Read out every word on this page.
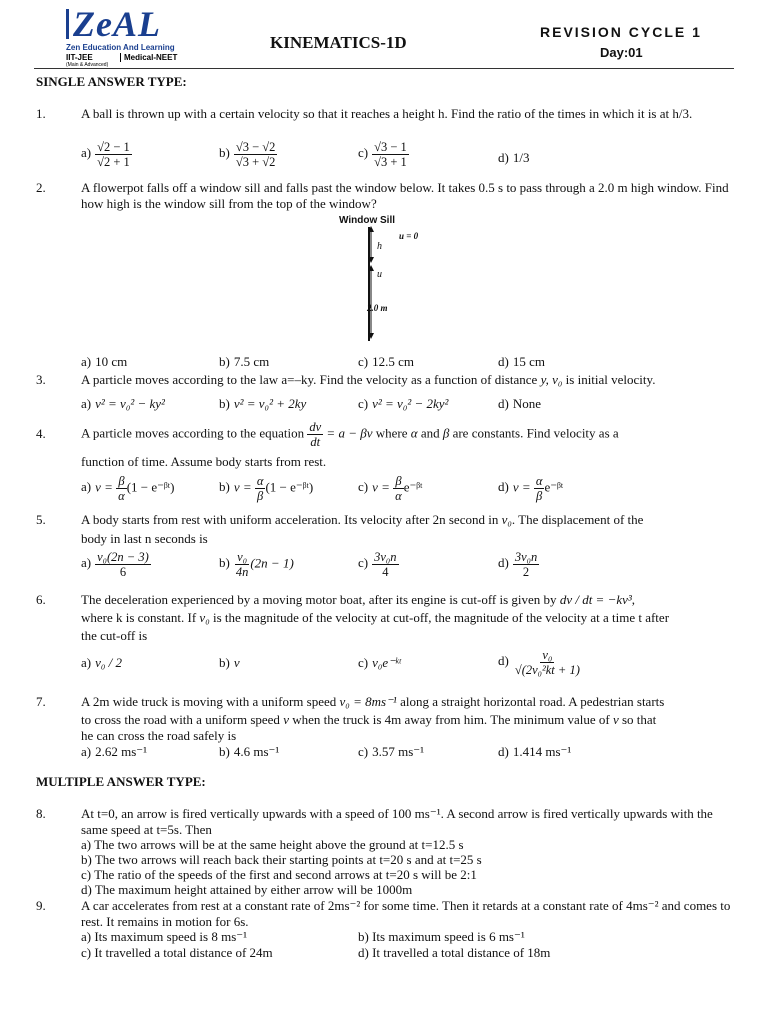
ZeAL
Zen Education And Learning
IIT-JEE	Medical-NEET
(Main & Advanced)
KINEMATICS-1D
REVISION CYCLE 1
Day:01
SINGLE ANSWER TYPE:
1.	A ball is thrown up with a certain velocity so that it reaches a height h. Find the ratio of the times in which it is at h/3.
$a) \frac{√2 - 1}{√2 + 1}$	$b) \frac{√3 - √2}{√3 + √2}$	$c) \frac{√3 - 1}{√3 + 1}$	d) 1/3
2.	A flowerpot falls off a window sill and falls past the window below. It takes 0.5 s to pass through a 2.0 m high window. Find how high is the window sill from the top of the window?
Window Sill
h
u
2.0 m
u = 0
a) 10 cm	b) 7.5 cm	c) 12.5 cm	d) 15 cm
3.	A particle moves according to the law a=–ky. Find the velocity as a function of distance y, v₀ is initial velocity.
a) v² = v₀² − ky²	b) v² = v₀² + 2ky	c) v² = v₀² − 2ky²	d) None
4.	A particle moves according to the equation $\frac{dv}{dt} = a - \beta v$ where α and β are constants. Find velocity as a
function of time. Assume body starts from rest.
a) $v = \frac{\beta}{\alpha} (1$ − e⁻ᵝᵗ)	b) $v = \frac{\alpha}{\beta} (1$ − e⁻ᵝᵗ)	c) $v = \frac{\beta}{\alpha}$ e⁻ᵝᵗ	d) $v = \frac{\alpha}{\beta}$ e⁻ᵝᵗ
5.	A body starts from rest with uniform acceleration. Its velocity after 2n second in v₀. The displacement of the
body in last n seconds is
$a) \frac{\text{v₀(2n − 3)}}{6}$	$b) \frac{\text{v₀}}{4n} (2n - 1)$	$c) \frac{\text{3v₀n}}{4}$	$d) \frac{\text{3v₀n}}{2}$
6.	The deceleration experienced by a moving motor boat, after its engine is cut-off is given by dv / dt = −kv³,
where k is constant. If v₀ is the magnitude of the velocity at cut-off, the magnitude of the velocity at a time t after
the cut-off is
a) v₀ / 2	b) v	c) v₀e⁻ᵏᵗ	$d) \frac{\text{v₀}}{\text{√(2v₀²kt + 1)}}$
7.	A 2m wide truck is moving with a uniform speed v₀ = 8ms⁻¹ along a straight horizontal road. A pedestrian starts
to cross the road with a uniform speed v when the truck is 4m away from him. The minimum value of v so that
he can cross the road safely is
a) 2.62 ms⁻¹	b) 4.6 ms⁻¹	c) 3.57 ms⁻¹	d) 1.414 ms⁻¹
MULTIPLE ANSWER TYPE:
8.	At t=0, an arrow is fired vertically upwards with a speed of 100 ms⁻¹. A second arrow is fired vertically upwards with the same speed at t=5s. Then
a) The two arrows will be at the same height above the ground at t=12.5 s
b) The two arrows will reach back their starting points at t=20 s and at t=25 s
c) The ratio of the speeds of the first and second arrows at t=20 s will be 2:1
d) The maximum height attained by either arrow will be 1000m
9.	A car accelerates from rest at a constant rate of 2ms⁻² for some time. Then it retards at a constant rate of 4ms⁻² and comes to rest. It remains in motion for 6s.
a) Its maximum speed is 8 ms⁻¹	b) Its maximum speed is 6 ms⁻¹
c) It travelled a total distance of 24m	d) It travelled a total distance of 18m
